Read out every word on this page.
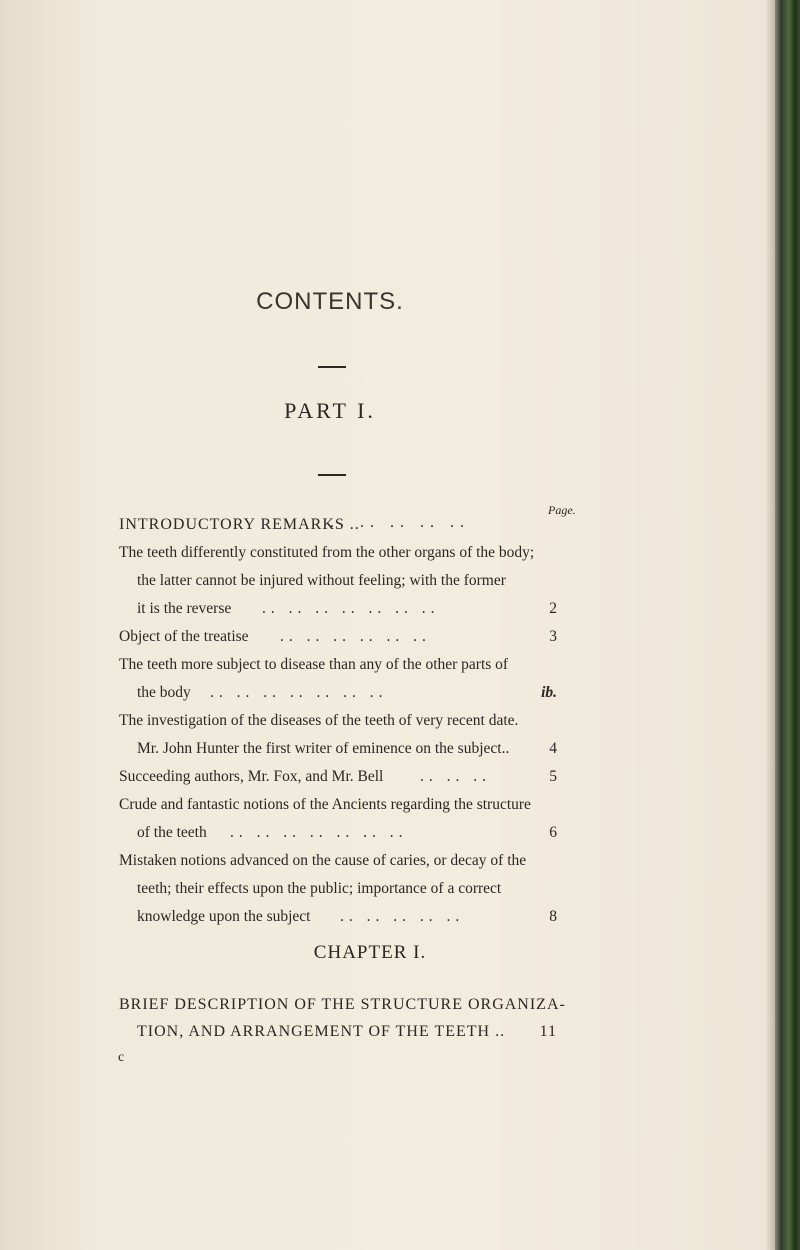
CONTENTS.
PART I.
Page.
INTRODUCTORY REMARKS ..
.. .. .. .. ..
The teeth differently constituted from the other organs of the body;
the latter cannot be injured without feeling; with the former
it is the reverse .. .. .. .. .. .. ..	2
Object of the treatise .. .. .. .. .. ..	3
The teeth more subject to disease than any of the other parts of
the body .. .. .. .. .. .. ..	ib.
The investigation of the diseases of the teeth of very recent date.
Mr. John Hunter the first writer of eminence on the subject..	4
Succeeding authors, Mr. Fox, and Mr. Bell .. .. ..	5
Crude and fantastic notions of the Ancients regarding the structure
of the teeth .. .. .. .. .. .. ..	6
Mistaken notions advanced on the cause of caries, or decay of the
teeth; their effects upon the public; importance of a correct
knowledge upon the subject .. .. .. .. ..	8
CHAPTER I.
BRIEF DESCRIPTION OF THE STRUCTURE ORGANIZA-
TION, AND ARRANGEMENT OF THE TEETH .. 11
c
